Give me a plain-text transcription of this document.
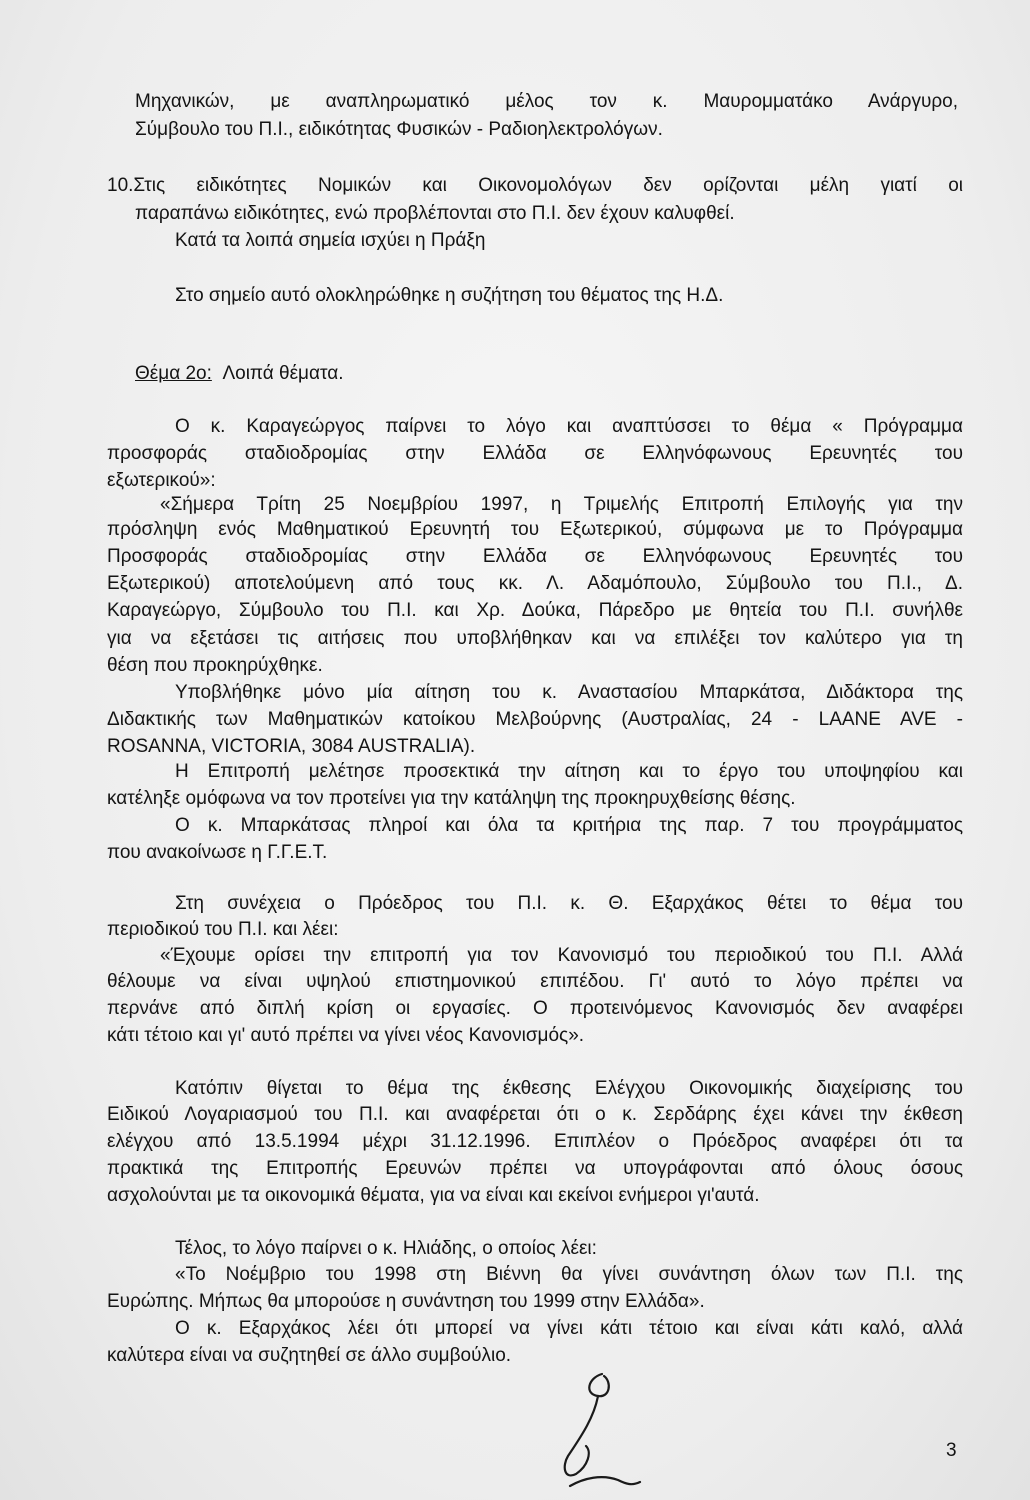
Μηχανικών, με αναπληρωματικό μέλος τον κ. Μαυρομματάκο Ανάργυρο,

Σύμβουλο του Π.Ι., ειδικότητας Φυσικών - Ραδιοηλεκτρολόγων.

10.Στις ειδικότητες Νομικών και Οικονομολόγων δεν ορίζονται μέλη γιατί οι

παραπάνω ειδικότητες, ενώ προβλέπονται στο Π.Ι. δεν έχουν καλυφθεί.

Κατά τα λοιπά σημεία ισχύει η Πράξη

Στο σημείο αυτό ολοκληρώθηκε η συζήτηση του θέματος της Η.Δ.

Θέμα 2ο: Λοιπά θέματα.

Ο κ. Καραγεώργος παίρνει το λόγο και αναπτύσσει το θέμα « Πρόγραμμα

προσφοράς σταδιοδρομίας στην Ελλάδα σε Ελληνόφωνους Ερευνητές του

εξωτερικού»:

«Σήμερα Τρίτη 25 Νοεμβρίου 1997, η Τριμελής Επιτροπή Επιλογής για την

πρόσληψη ενός Μαθηματικού Ερευνητή του Εξωτερικού, σύμφωνα με το Πρόγραμμα

Προσφοράς σταδιοδρομίας στην Ελλάδα σε Ελληνόφωνους Ερευνητές του

Εξωτερικού) αποτελούμενη από τους κκ. Λ. Αδαμόπουλο, Σύμβουλο του Π.Ι., Δ.

Καραγεώργο, Σύμβουλο του Π.Ι. και Χρ. Δούκα, Πάρεδρο με θητεία του Π.Ι. συνήλθε

για να εξετάσει τις αιτήσεις που υποβλήθηκαν και να επιλέξει τον καλύτερο για τη

θέση που προκηρύχθηκε.

Υποβλήθηκε μόνο μία αίτηση του κ. Αναστασίου Μπαρκάτσα, Διδάκτορα της

Διδακτικής των Μαθηματικών κατοίκου Μελβούρνης (Αυστραλίας, 24 - LAANE AVE -

ROSANNA, VICTORIA, 3084 AUSTRALIA).

Η Επιτροπή μελέτησε προσεκτικά την αίτηση και το έργο του υποψηφίου και

κατέληξε ομόφωνα να τον προτείνει για την κατάληψη της προκηρυχθείσης θέσης.

Ο κ. Μπαρκάτσας πληροί και όλα τα κριτήρια της παρ. 7 του προγράμματος

που ανακοίνωσε η Γ.Γ.Ε.Τ.

Στη συνέχεια ο Πρόεδρος του Π.Ι. κ. Θ. Εξαρχάκος θέτει το θέμα του

περιοδικού του Π.Ι. και λέει:

«Έχουμε ορίσει την επιτροπή για τον Κανονισμό του περιοδικού του Π.Ι. Αλλά

θέλουμε να είναι υψηλού επιστημονικού επιπέδου. Γι' αυτό το λόγο πρέπει να

περνάνε από διπλή κρίση οι εργασίες. Ο προτεινόμενος Κανονισμός δεν αναφέρει

κάτι τέτοιο και γι' αυτό πρέπει να γίνει νέος Κανονισμός».

Κατόπιν θίγεται το θέμα της έκθεσης Ελέγχου Οικονομικής διαχείρισης του

Ειδικού Λογαριασμού του Π.Ι. και αναφέρεται ότι ο κ. Σερδάρης έχει κάνει την έκθεση

ελέγχου από 13.5.1994 μέχρι 31.12.1996. Επιπλέον ο Πρόεδρος αναφέρει ότι τα

πρακτικά της Επιτροπής Ερευνών πρέπει να υπογράφονται από όλους όσους

ασχολούνται με τα οικονομικά θέματα, για να είναι και εκείνοι ενήμεροι γι'αυτά.

Τέλος, το λόγο παίρνει ο κ. Ηλιάδης, ο οποίος λέει:

«Το Νοέμβριο του 1998 στη Βιέννη θα γίνει συνάντηση όλων των Π.Ι. της

Ευρώπης. Μήπως θα μπορούσε η συνάντηση του 1999 στην Ελλάδα».

Ο κ. Εξαρχάκος λέει ότι μπορεί να γίνει κάτι τέτοιο και είναι κάτι καλό, αλλά

καλύτερα είναι να συζητηθεί σε άλλο συμβούλιο.

3
